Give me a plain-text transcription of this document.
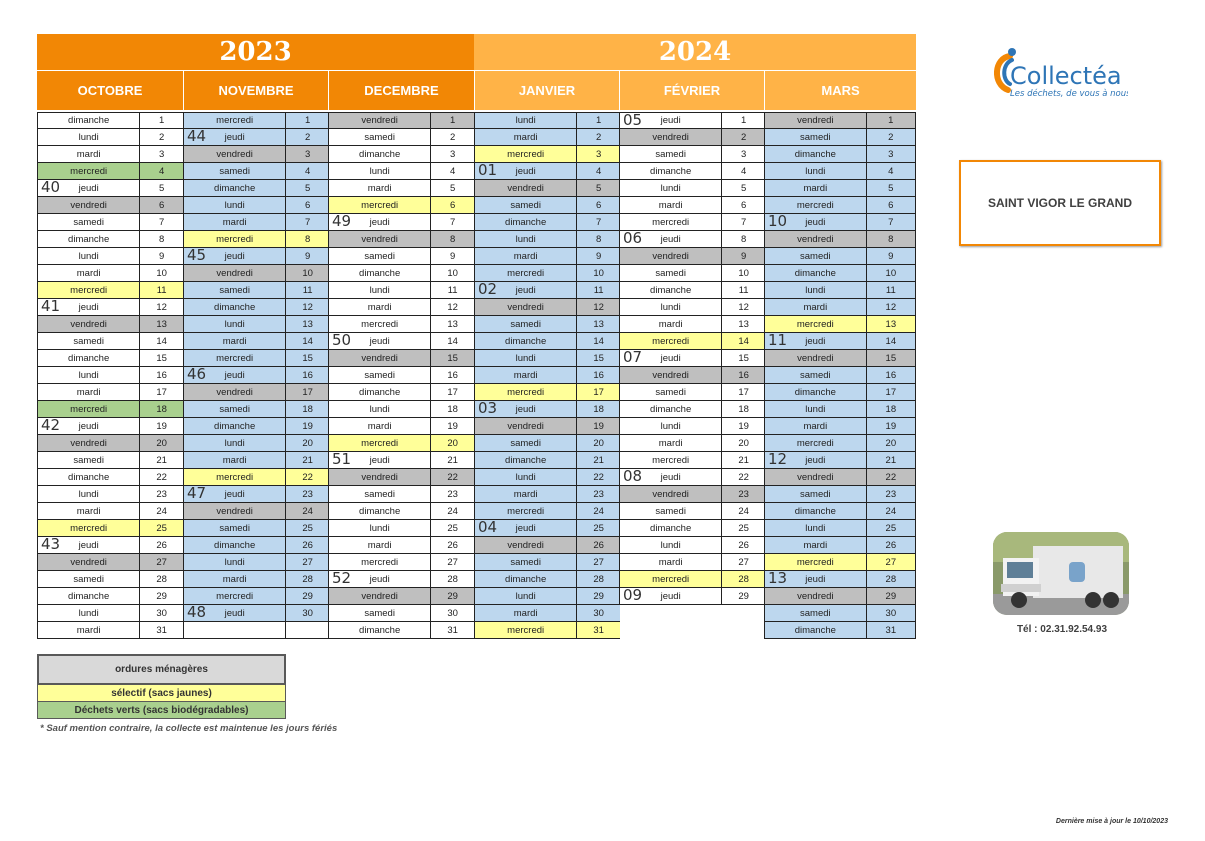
2023	2024
OCTOBRE
dimanche	1
lundi	2
mardi	3
mercredi	4
40 jeudi	5
vendredi	6
samedi	7
dimanche	8
lundi	9
mardi	10
mercredi	11
41 jeudi	12
vendredi	13
samedi	14
dimanche	15
lundi	16
mardi	17
mercredi	18
42 jeudi	19
vendredi	20
samedi	21
dimanche	22
lundi	23
mardi	24
mercredi	25
43 jeudi	26
vendredi	27
samedi	28
dimanche	29
lundi	30
mardi	31
NOVEMBRE
mercredi	1
44 jeudi	2
vendredi	3
samedi	4
dimanche	5
lundi	6
mardi	7
mercredi	8
45 jeudi	9
vendredi	10
samedi	11
dimanche	12
lundi	13
mardi	14
mercredi	15
46 jeudi	16
vendredi	17
samedi	18
dimanche	19
lundi	20
mardi	21
mercredi	22
47 jeudi	23
vendredi	24
samedi	25
dimanche	26
lundi	27
mardi	28
mercredi	29
48 jeudi	30
DECEMBRE
vendredi	1
samedi	2
dimanche	3
lundi	4
mardi	5
mercredi	6
49 jeudi	7
vendredi	8
samedi	9
dimanche	10
lundi	11
mardi	12
mercredi	13
50 jeudi	14
vendredi	15
samedi	16
dimanche	17
lundi	18
mardi	19
mercredi	20
51 jeudi	21
vendredi	22
samedi	23
dimanche	24
lundi	25
mardi	26
mercredi	27
52 jeudi	28
vendredi	29
samedi	30
dimanche	31
JANVIER
lundi	1
mardi	2
mercredi	3
01 jeudi	4
vendredi	5
samedi	6
dimanche	7
lundi	8
mardi	9
mercredi	10
02 jeudi	11
vendredi	12
samedi	13
dimanche	14
lundi	15
mardi	16
mercredi	17
03 jeudi	18
vendredi	19
samedi	20
dimanche	21
lundi	22
mardi	23
mercredi	24
04 jeudi	25
vendredi	26
samedi	27
dimanche	28
lundi	29
mardi	30
mercredi	31
FÉVRIER
05 jeudi	1
vendredi	2
samedi	3
dimanche	4
lundi	5
mardi	6
mercredi	7
06 jeudi	8
vendredi	9
samedi	10
dimanche	11
lundi	12
mardi	13
mercredi	14
07 jeudi	15
vendredi	16
samedi	17
dimanche	18
lundi	19
mardi	20
mercredi	21
08 jeudi	22
vendredi	23
samedi	24
dimanche	25
lundi	26
mardi	27
mercredi	28
09 jeudi	29
MARS
vendredi	1
samedi	2
dimanche	3
lundi	4
mardi	5
mercredi	6
10 jeudi	7
vendredi	8
samedi	9
dimanche	10
lundi	11
mardi	12
mercredi	13
11 jeudi	14
vendredi	15
samedi	16
dimanche	17
lundi	18
mardi	19
mercredi	20
12 jeudi	21
vendredi	22
samedi	23
dimanche	24
lundi	25
mardi	26
mercredi	27
13 jeudi	28
vendredi	29
samedi	30
dimanche	31
Collectéa
Les déchets, de vous à nous
SAINT VIGOR LE GRAND
Tél : 02.31.92.54.93
ordures ménagères
sélectif (sacs jaunes)
Déchets verts (sacs biodégradables)
* Sauf mention contraire, la collecte est maintenue les jours fériés
Dernière mise à jour le 10/10/2023
